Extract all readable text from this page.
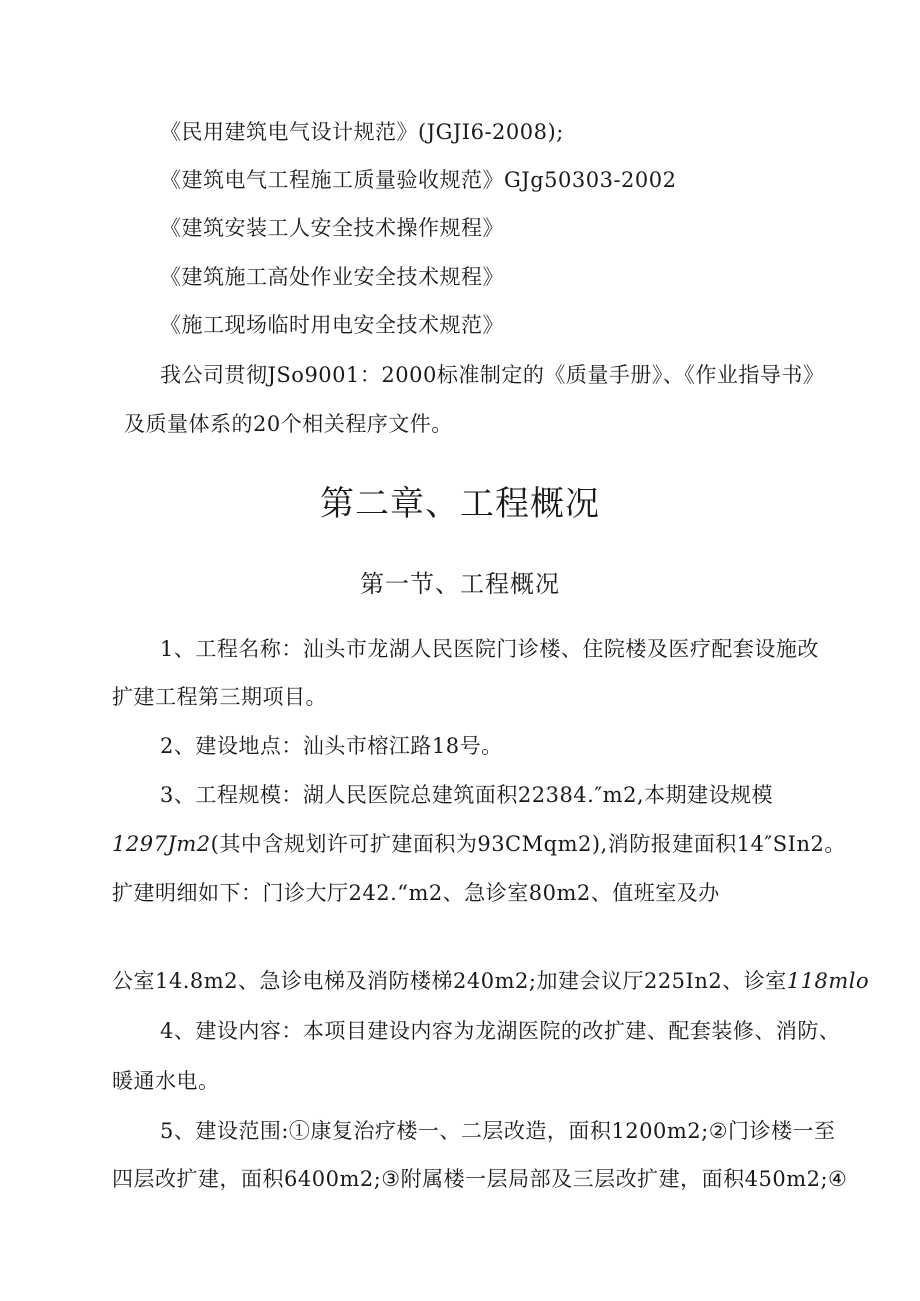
《民用建筑电气设计规范》(JGJI6-2008);
《建筑电气工程施工质量验收规范》GJg50303-2002
《建筑安装工人安全技术操作规程》
《建筑施工高处作业安全技术规程》
《施工现场临时用电安全技术规范》
我公司贯彻JSo9001：2000标准制定的《质量手册》、《作业指导书》
及质量体系的20个相关程序文件。
第二章、工程概况
第一节、工程概况
1、工程名称：汕头市龙湖人民医院门诊楼、住院楼及医疗配套设施改
扩建工程第三期项目。
2、建设地点：汕头市榕江路18号。
3、工程规模：湖人民医院总建筑面积22384.″m2,本期建设规模
1297Jm2(其中含规划许可扩建面积为93CMqm2),消防报建面积14″SIn2。
扩建明细如下：门诊大厅242.“m2、急诊室80m2、值班室及办
公室14.8m2、急诊电梯及消防楼梯240m2;加建会议厅225In2、诊室118mlo
4、建设内容：本项目建设内容为龙湖医院的改扩建、配套装修、消防、
暖通水电。
5、建设范围:①康复治疗楼一、二层改造，面积1200m2;②门诊楼一至
四层改扩建，面积6400m2;③附属楼一层局部及三层改扩建，面积450m2;④
